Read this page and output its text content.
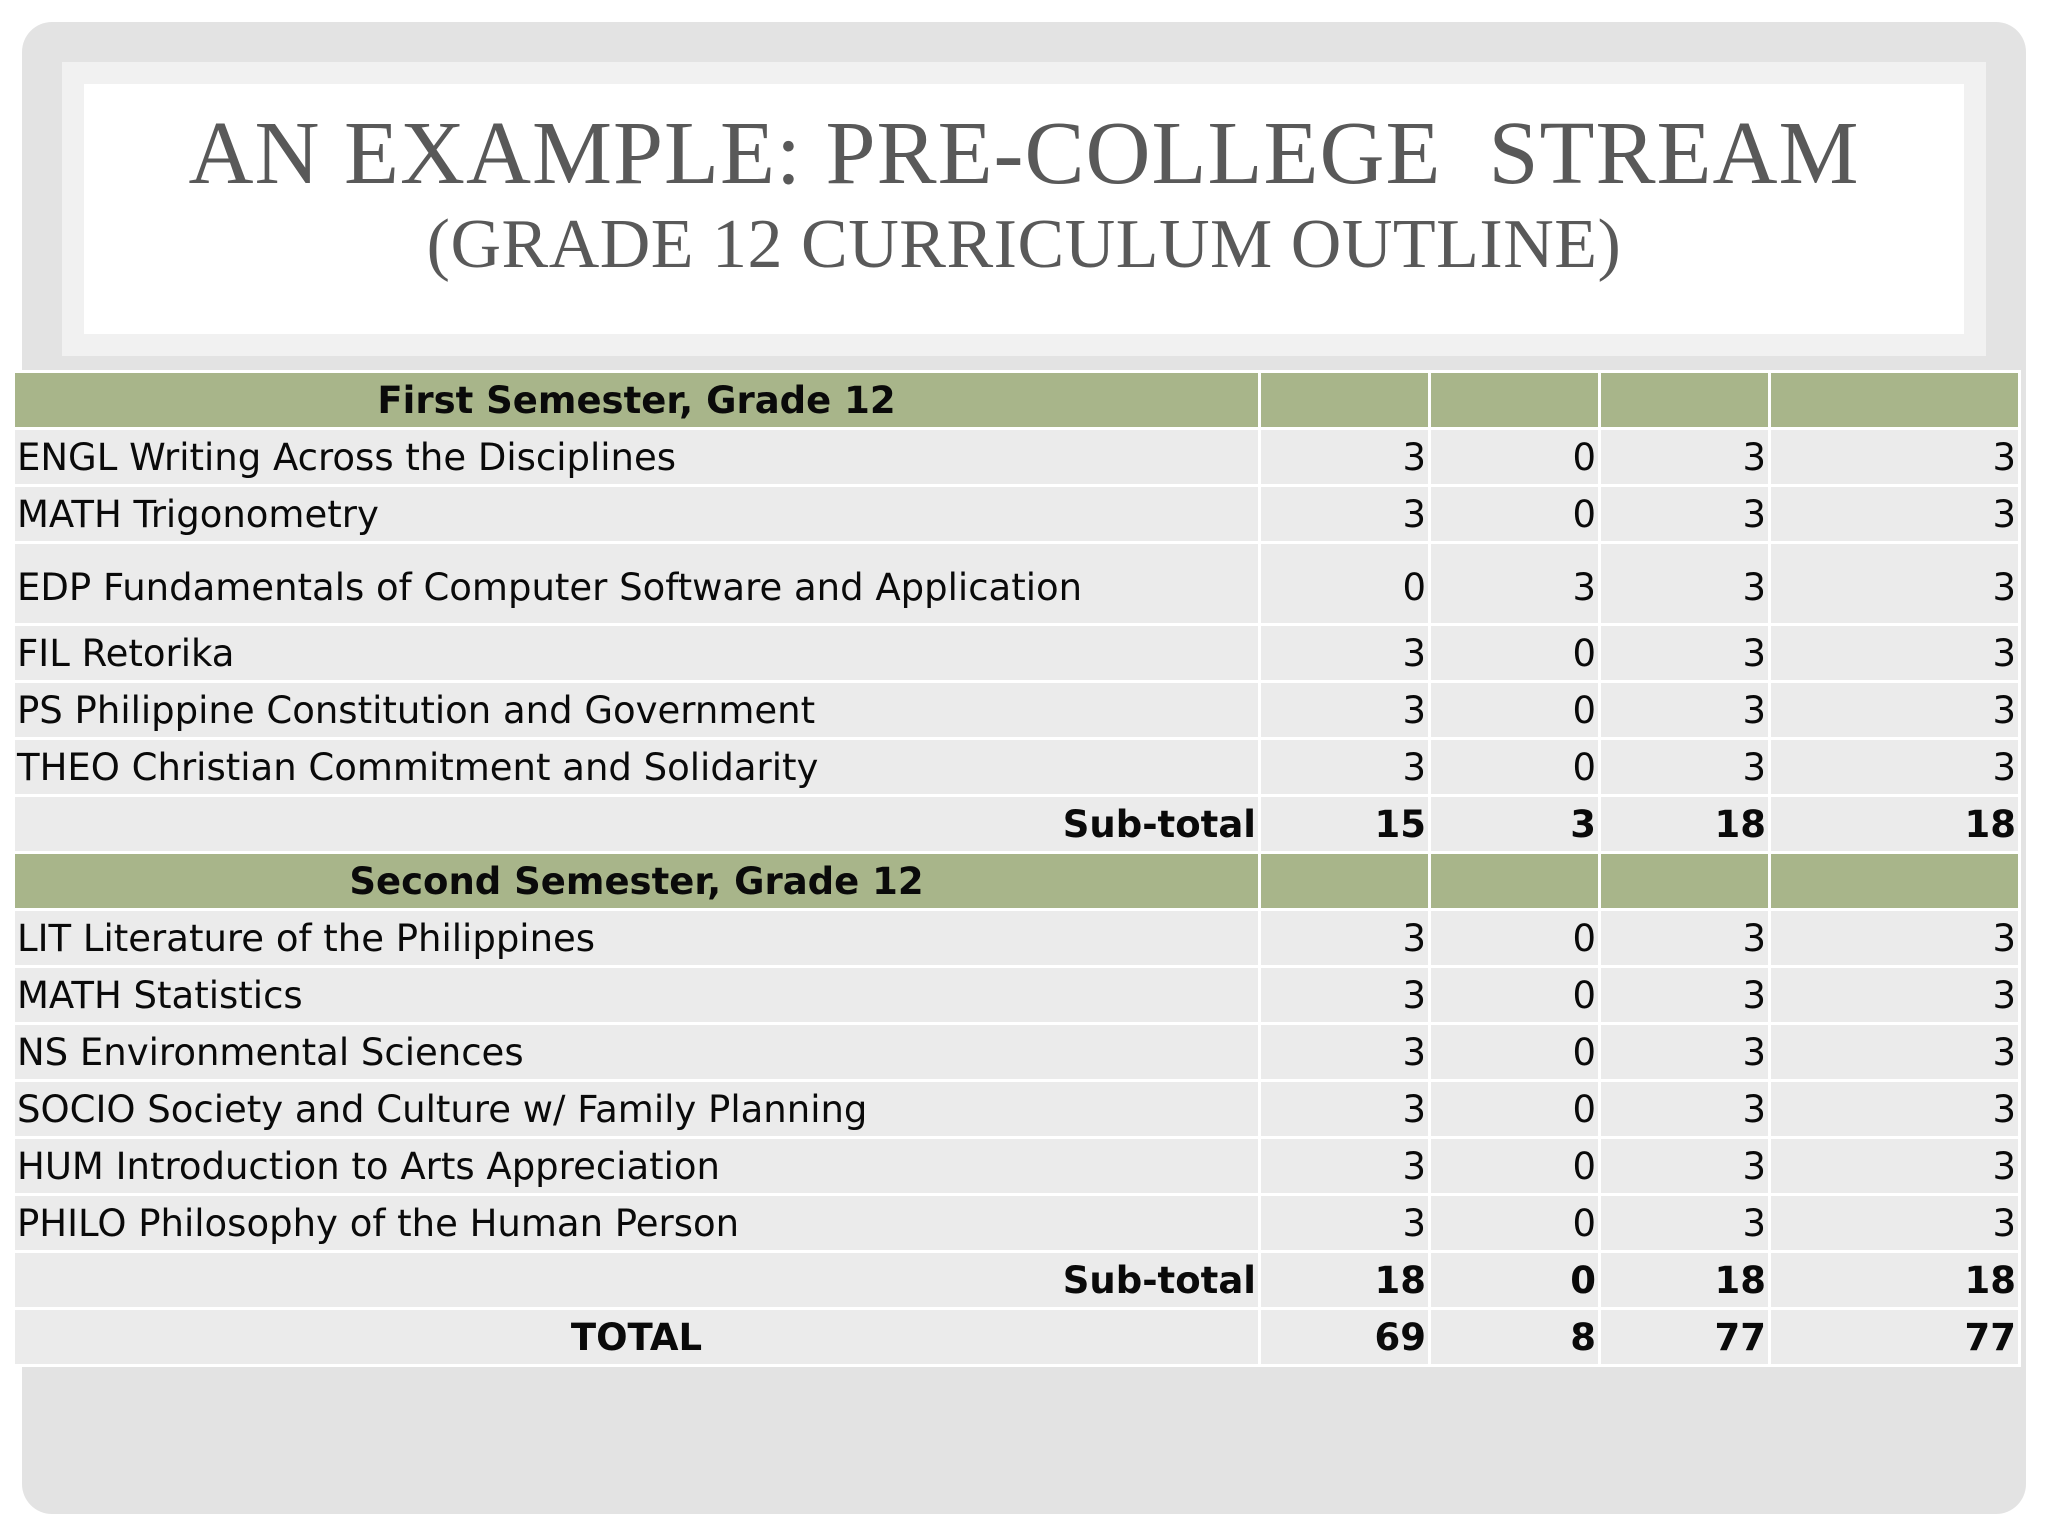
AN EXAMPLE: PRE-COLLEGE  STREAM
(GRADE 12 CURRICULUM OUTLINE)
First Semester, Grade 12				
ENGL Writing Across the Disciplines	3	0	3	3
MATH Trigonometry	3	0	3	3
EDP Fundamentals of Computer Software and Application	0	3	3	3
FIL Retorika	3	0	3	3
PS Philippine Constitution and Government	3	0	3	3
THEO Christian Commitment and Solidarity	3	0	3	3
Sub-total	15	3	18	18
Second Semester, Grade 12				
LIT Literature of the Philippines	3	0	3	3
MATH Statistics	3	0	3	3
NS Environmental Sciences	3	0	3	3
SOCIO Society and Culture w/ Family Planning	3	0	3	3
HUM Introduction to Arts Appreciation	3	0	3	3
PHILO Philosophy of the Human Person	3	0	3	3
Sub-total	18	0	18	18
TOTAL	69	8	77	77
